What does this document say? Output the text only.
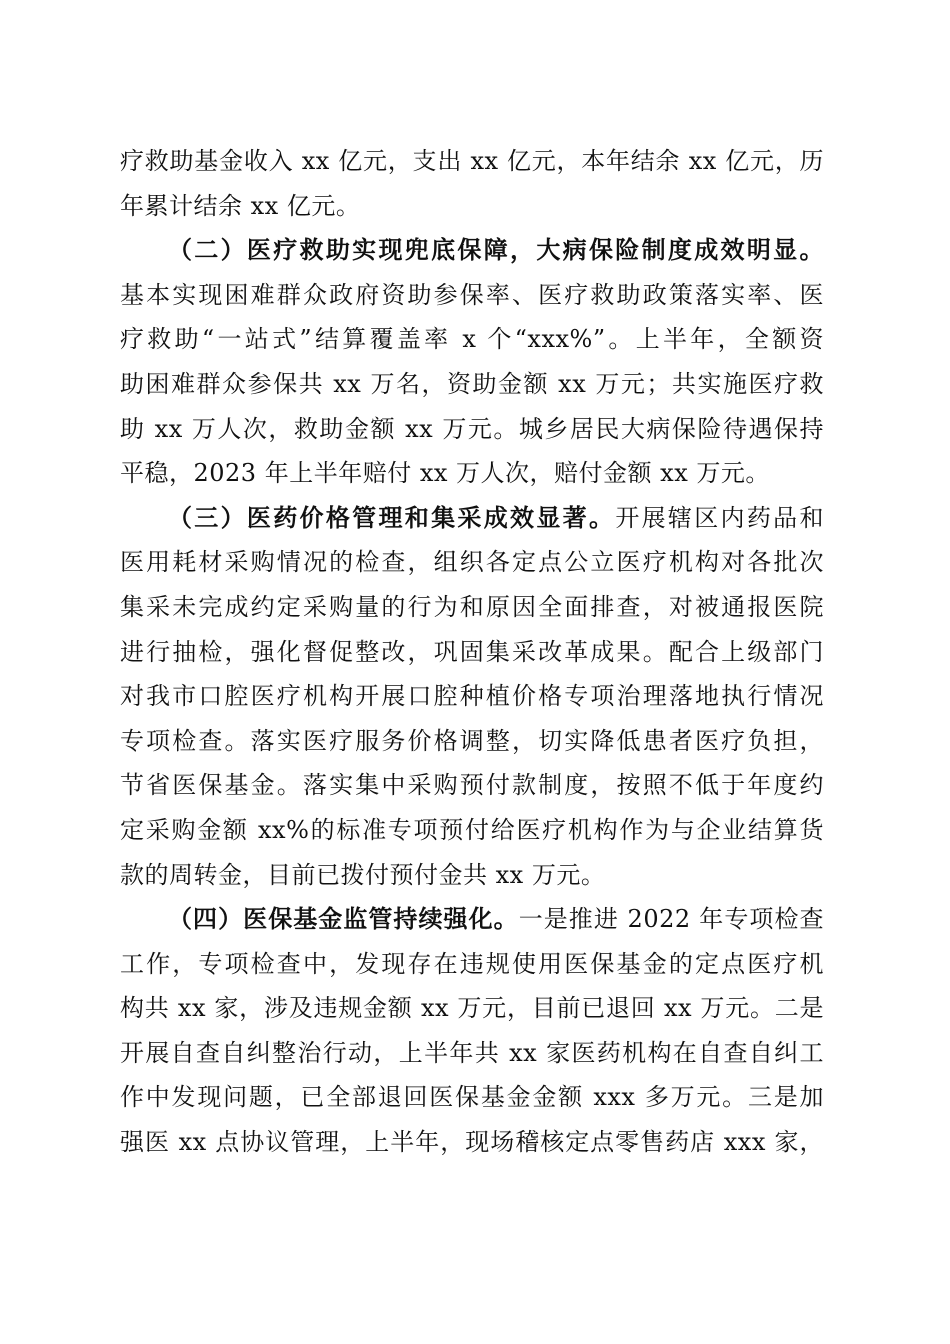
疗救助基金收入 xx 亿元，支出 xx 亿元，本年结余 xx 亿元，历
年累计结余 xx 亿元。
（二）医疗救助实现兜底保障，大病保险制度成效明显。
基本实现困难群众政府资助参保率、医疗救助政策落实率、医
疗救助“一站式”结算覆盖率 x 个“xxx%”。上半年，全额资
助困难群众参保共 xx 万名，资助金额 xx 万元；共实施医疗救
助 xx 万人次，救助金额 xx 万元。城乡居民大病保险待遇保持
平稳，2023 年上半年赔付 xx 万人次，赔付金额 xx 万元。
（三）医药价格管理和集采成效显著。开展辖区内药品和
医用耗材采购情况的检查，组织各定点公立医疗机构对各批次
集采未完成约定采购量的行为和原因全面排查，对被通报医院
进行抽检，强化督促整改，巩固集采改革成果。配合上级部门
对我市口腔医疗机构开展口腔种植价格专项治理落地执行情况
专项检查。落实医疗服务价格调整，切实降低患者医疗负担，
节省医保基金。落实集中采购预付款制度，按照不低于年度约
定采购金额 xx%的标准专项预付给医疗机构作为与企业结算货
款的周转金，目前已拨付预付金共 xx 万元。
（四）医保基金监管持续强化。一是推进 2022 年专项检查
工作，专项检查中，发现存在违规使用医保基金的定点医疗机
构共 xx 家，涉及违规金额 xx 万元，目前已退回 xx 万元。二是
开展自查自纠整治行动，上半年共 xx 家医药机构在自查自纠工
作中发现问题，已全部退回医保基金金额 xxx 多万元。三是加
强医 xx 点协议管理，上半年，现场稽核定点零售药店 xxx 家，
